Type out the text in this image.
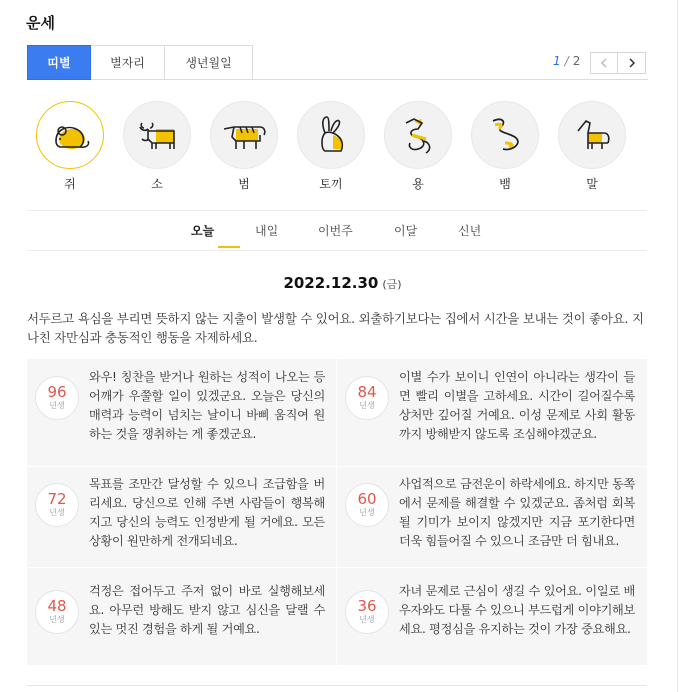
운세
띠별	별자리	생년월일	1 / 2
쥐	소	범	토끼	용	뱀	말
오늘	내일	이번주	이달	신년
2022.12.30 (금)
서두르고 욕심을 부리면 뜻하지 않는 지출이 발생할 수 있어요. 외출하기보다는 집에서 시간을 보내는 것이 좋아요. 지나친 자만심과 충동적인 행동을 자제하세요.
96
년생
와우! 칭찬을 받거나 원하는 성적이 나오는 등 어깨가 우쭐할 일이 있겠군요. 오늘은 당신의 매력과 능력이 넘치는 날이니 바삐 움직여 원하는 것을 쟁취하는 게 좋겠군요.
84
년생
이별 수가 보이니 인연이 아니라는 생각이 들면 빨리 이별을 고하세요. 시간이 길어질수록 상처만 깊어질 거예요. 이성 문제로 사회 활동까지 방해받지 않도록 조심해야겠군요.
72
년생
목표를 조만간 달성할 수 있으니 조급함을 버리세요. 당신으로 인해 주변 사람들이 행복해지고 당신의 능력도 인정받게 될 거에요. 모든 상황이 원만하게 전개되네요.
60
년생
사업적으로 금전운이 하락세에요. 하지만 동쪽에서 문제를 해결할 수 있겠군요. 좀처럼 회복될 기미가 보이지 않겠지만 지금 포기한다면 더욱 힘들어질 수 있으니 조금만 더 힘내요.
48
년생
걱정은 접어두고 주저 없이 바로 실행해보세요. 아무런 방해도 받지 않고 심신을 달랠 수 있는 멋진 경험을 하게 될 거예요.
36
년생
자녀 문제로 근심이 생길 수 있어요. 이일로 배우자와도 다툴 수 있으니 부드럽게 이야기해보세요. 평정심을 유지하는 것이 가장 중요해요.
